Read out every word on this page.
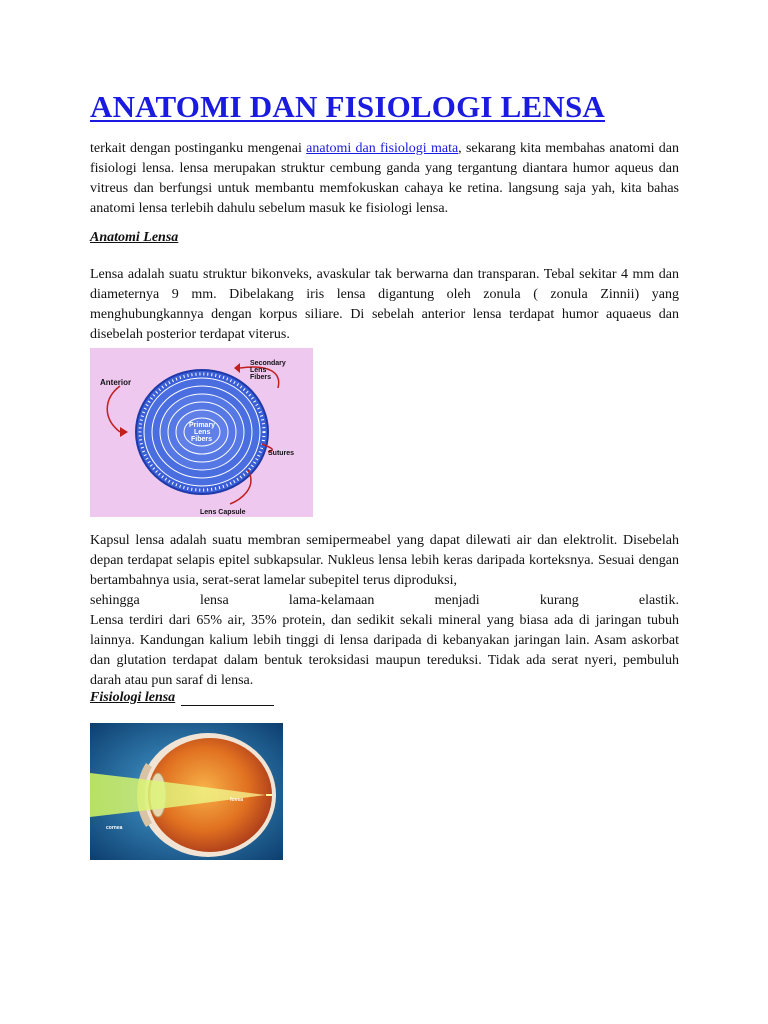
ANATOMI DAN FISIOLOGI LENSA

terkait dengan postinganku mengenai anatomi dan fisiologi mata, sekarang kita membahas anatomi dan fisiologi lensa. lensa merupakan struktur cembung ganda yang tergantung diantara humor aqueus dan vitreus dan berfungsi untuk membantu memfokuskan cahaya ke retina. langsung saja yah, kita bahas anatomi lensa terlebih dahulu sebelum masuk ke fisiologi lensa.

Anatomi Lensa

Lensa adalah suatu struktur bikonveks, avaskular tak berwarna dan transparan. Tebal sekitar 4 mm dan diameternya 9 mm. Dibelakang iris lensa digantung oleh zonula ( zonula Zinnii) yang menghubungkannya dengan korpus siliare. Di sebelah anterior lensa terdapat humor aquaeus dan disebelah posterior terdapat viterus.

Anterior
Secondary
Lens
Fibers
Primary
Lens
Fibers
Sutures
Lens Capsule
Kapsul lensa adalah suatu membran semipermeabel yang dapat dilewati air dan elektrolit. Disebelah depan terdapat selapis epitel subkapsular. Nukleus lensa lebih keras daripada korteksnya. Sesuai dengan bertambahnya usia, serat-serat lamelar subepitel terus diproduksi,
sehingga	lensa	lama-kelamaan	menjadi	kurang	elastik.
Lensa terdiri dari 65% air, 35% protein, dan sedikit sekali mineral yang biasa ada di jaringan tubuh lainnya. Kandungan kalium lebih tinggi di lensa daripada di kebanyakan jaringan lain. Asam askorbat dan glutation terdapat dalam bentuk teroksidasi maupun tereduksi. Tidak ada serat nyeri, pembuluh darah atau pun saraf di lensa.
Fisiologi lensa
cornea
fovea
